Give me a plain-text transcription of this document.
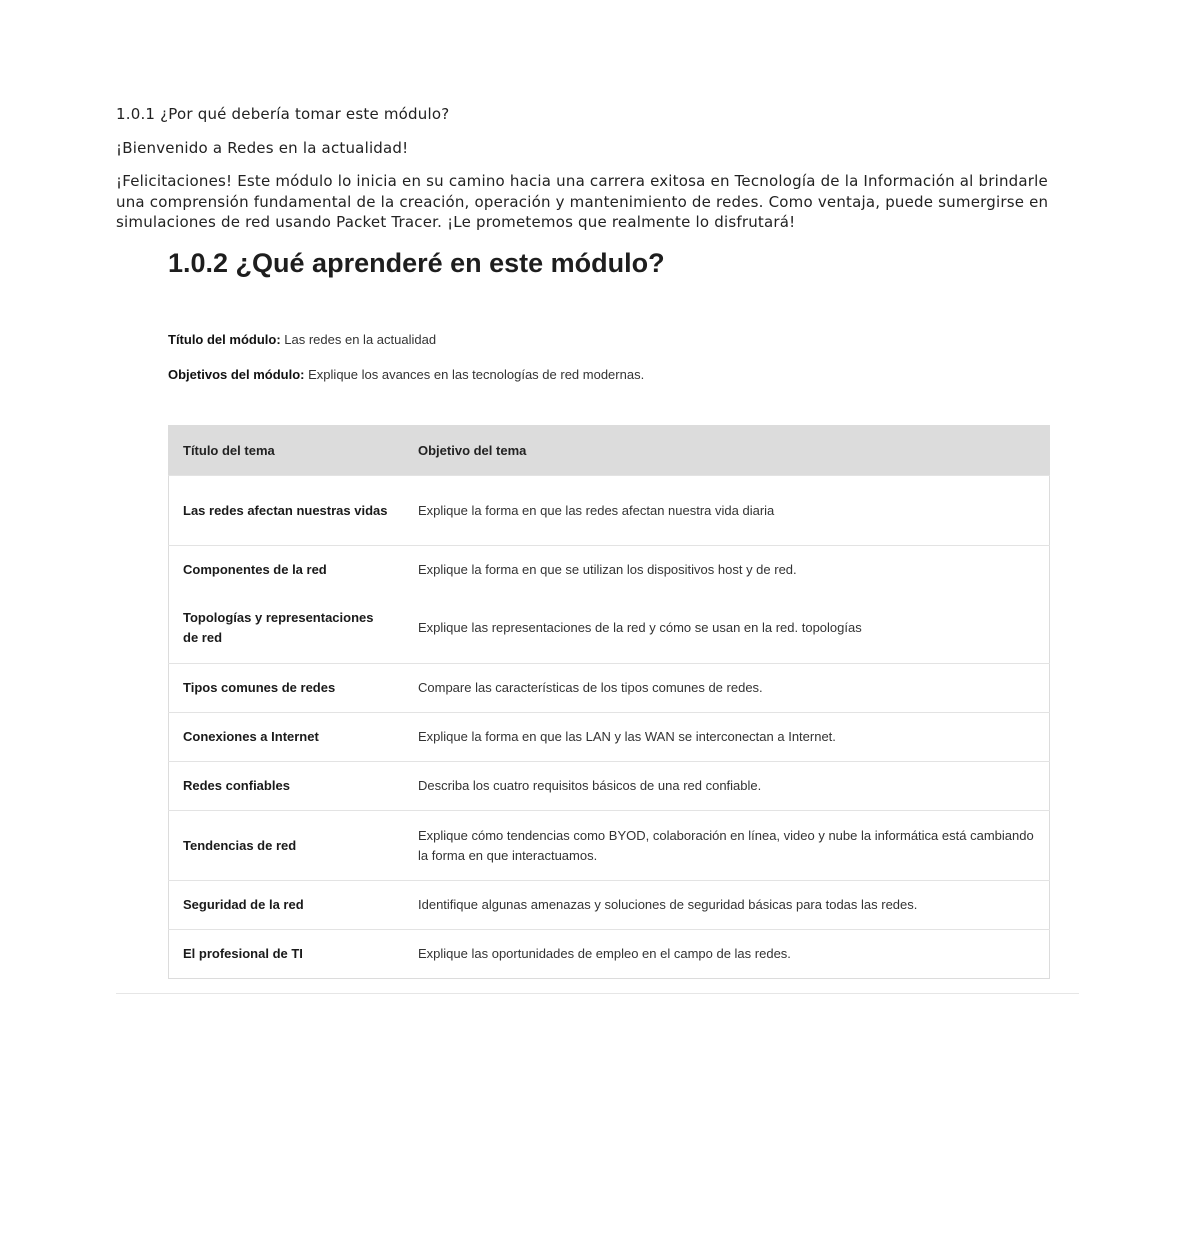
1.0.1 ¿Por qué debería tomar este módulo?
¡Bienvenido a Redes en la actualidad!
¡Felicitaciones! Este módulo lo inicia en su camino hacia una carrera exitosa en Tecnología de la Información al brindarle una comprensión fundamental de la creación, operación y mantenimiento de redes. Como ventaja, puede sumergirse en simulaciones de red usando Packet Tracer. ¡Le prometemos que realmente lo disfrutará!
1.0.2 ¿Qué aprenderé en este módulo?
Título del módulo: Las redes en la actualidad
Objetivos del módulo: Explique los avances en las tecnologías de red modernas.
Título del tema	Objetivo del tema
Las redes afectan nuestras vidas	Explique la forma en que las redes afectan nuestra vida diaria
Componentes de la red	Explique la forma en que se utilizan los dispositivos host y de red.
Topologías y representaciones de red	Explique las representaciones de la red y cómo se usan en la red. topologías
Tipos comunes de redes	Compare las características de los tipos comunes de redes.
Conexiones a Internet	Explique la forma en que las LAN y las WAN se interconectan a Internet.
Redes confiables	Describa los cuatro requisitos básicos de una red confiable.
Tendencias de red	Explique cómo tendencias como BYOD, colaboración en línea, video y nube la informática está cambiando la forma en que interactuamos.
Seguridad de la red	Identifique algunas amenazas y soluciones de seguridad básicas para todas las redes.
El profesional de TI	Explique las oportunidades de empleo en el campo de las redes.
